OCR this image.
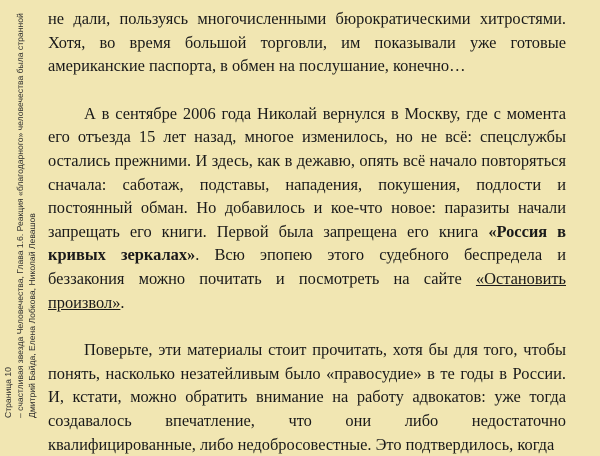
Страница 10 – счастливая звезда Человечества, Глава 1.6. Реакция «благодарного» человечества была странной Дмитрий Байда, Елена Лобкова, Николай Левашов

не дали, пользуясь многочисленными бюрократическими хитростями. Хотя, во время большой торговли, им показывали уже готовые американские паспорта, в обмен на послушание, конечно…

А в сентябре 2006 года Николай вернулся в Москву, где с момента его отъезда 15 лет назад, многое изменилось, но не всё: спецслужбы остались прежними. И здесь, как в дежавю, опять всё начало повторяться сначала: саботаж, подставы, нападения, покушения, подлости и постоянный обман. Но добавилось и кое-что новое: паразиты начали запрещать его книги. Первой была запрещена его книга «Россия в кривых зеркалах». Всю эпопею этого судебного беспредела и беззакония можно почитать и посмотреть на сайте «Остановить произвол».

Поверьте, эти материалы стоит прочитать, хотя бы для того, чтобы понять, насколько незатейливым было «правосудие» в те годы в России. И, кстати, можно обратить внимание на работу адвокатов: уже тогда создавалось впечатление, что они либо недостаточно квалифицированные, либо недобросовестные. Это подтвердилось, когда
